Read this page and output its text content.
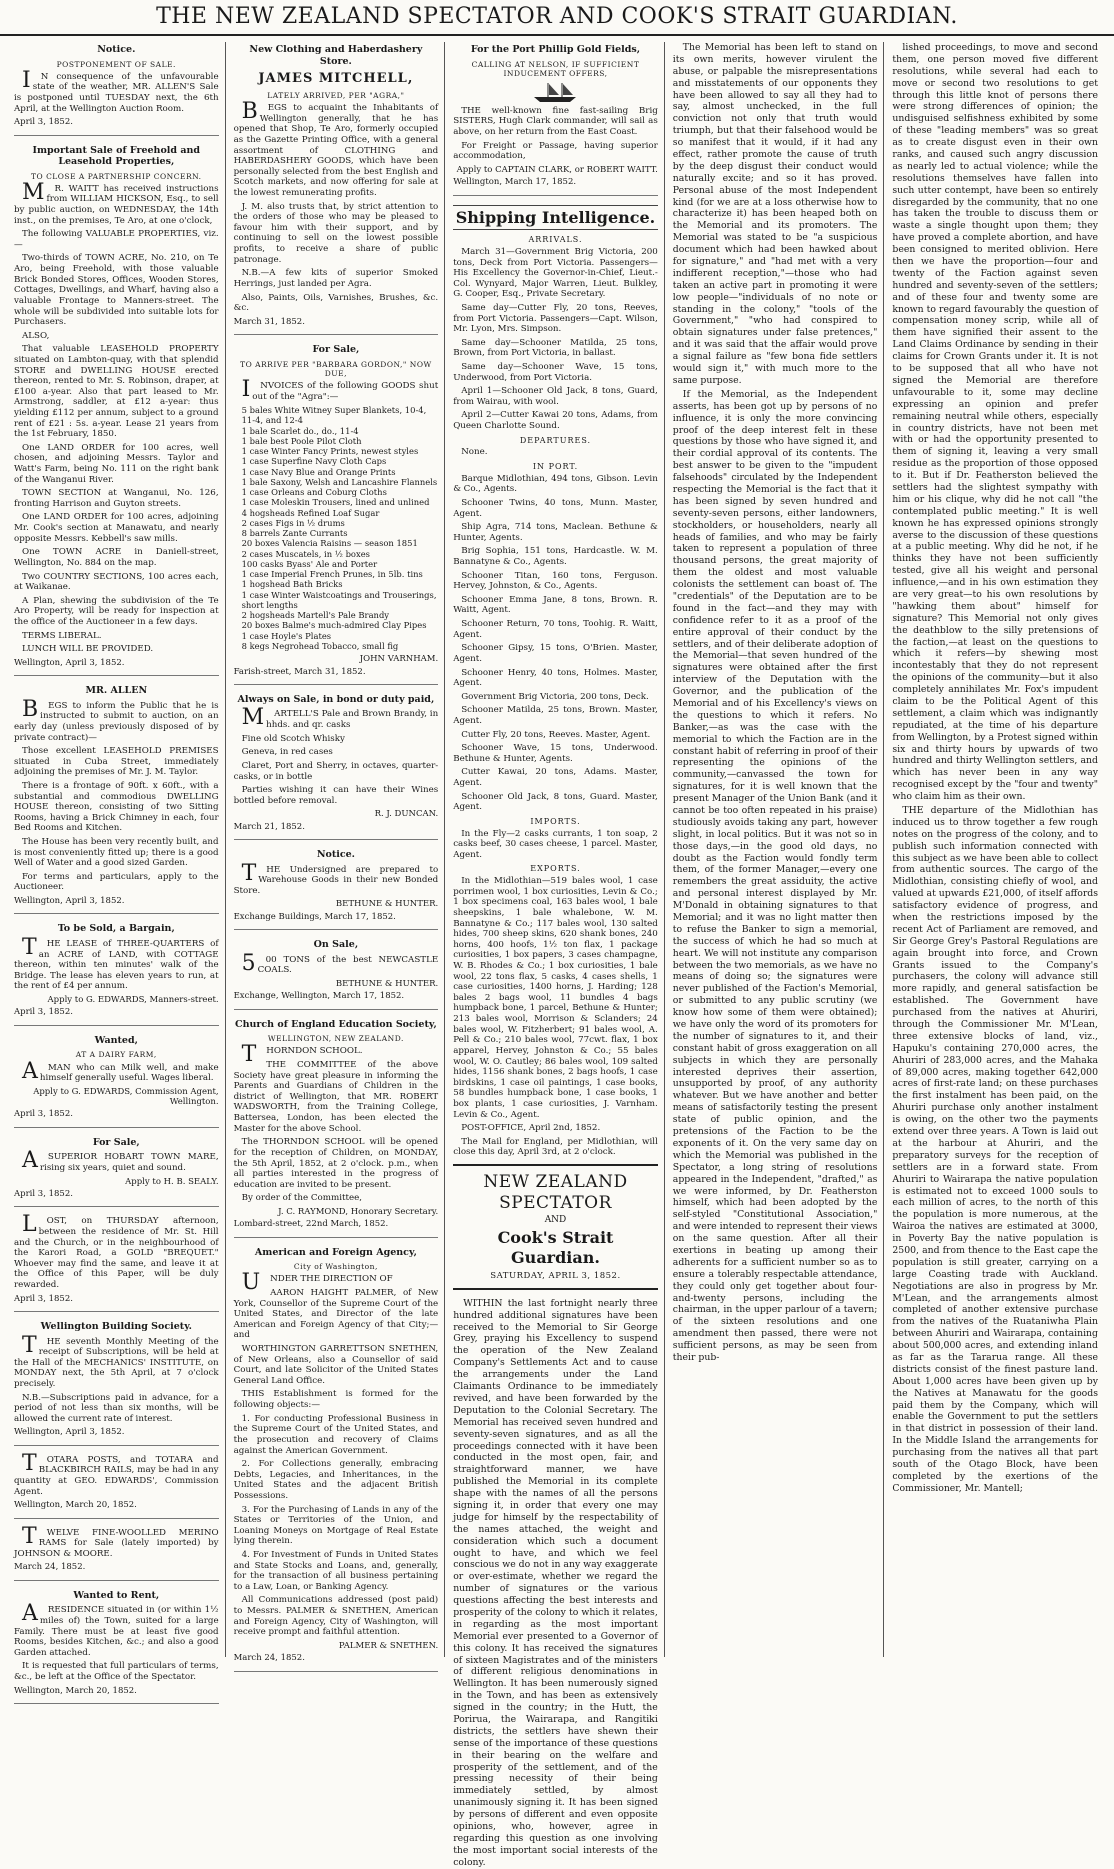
THE NEW ZEALAND SPECTATOR AND COOK'S STRAIT GUARDIAN.
Notice.
POSTPONEMENT OF SALE.

IN consequence of the unfavourable state of the weather, MR. ALLEN'S Sale is postponed until TUESDAY next, the 6th April, at the Wellington Auction Room.

April 3, 1852.
Important Sale of Freehold and Leasehold Properties,
TO CLOSE A PARTNERSHIP CONCERN.

MR. WAITT has received instructions from WILLIAM HICKSON, Esq., to sell by public auction, on WEDNESDAY, the 14th inst., on the premises, Te Aro, at one o'clock,

The following VALUABLE PROPERTIES, viz.—

Two-thirds of TOWN ACRE, No. 210, on Te Aro, being Freehold, with those valuable Brick Bonded Stores, Offices, Wooden Stores, Cottages, Dwellings, and Wharf, having also a valuable Frontage to Manners-street. The whole will be subdivided into suitable lots for Purchasers.

ALSO,

That valuable LEASEHOLD PROPERTY situated on Lambton-quay, with that splendid STORE and DWELLING HOUSE erected thereon, rented to Mr. S. Robinson, draper, at £100 a-year. Also that part leased to Mr. Armstrong, saddler, at £12 a-year: thus yielding £112 per annum, subject to a ground rent of £21 : 5s. a-year. Lease 21 years from the 1st February, 1850.

One LAND ORDER for 100 acres, well chosen, and adjoining Messrs. Taylor and Watt's Farm, being No. 111 on the right bank of the Wanganui River.

TOWN SECTION at Wanganui, No. 126, fronting Harrison and Guyton streets.

One LAND ORDER for 100 acres, adjoining Mr. Cook's section at Manawatu, and nearly opposite Messrs. Kebbell's saw mills.

One TOWN ACRE in Daniell-street, Wellington, No. 884 on the map.

Two COUNTRY SECTIONS, 100 acres each, at Waikanae.

A Plan, shewing the subdivision of the Te Aro Property, will be ready for inspection at the office of the Auctioneer in a few days.

TERMS LIBERAL.

LUNCH WILL BE PROVIDED.

Wellington, April 3, 1852.
MR. ALLEN

BEGS to inform the Public that he is instructed to submit to auction, on an early day (unless previously disposed of by private contract)—

Those excellent LEASEHOLD PREMISES situated in Cuba Street, immediately adjoining the premises of Mr. J. M. Taylor.

There is a frontage of 90ft. x 60ft., with a substantial and commodious DWELLING HOUSE thereon, consisting of two Sitting Rooms, having a Brick Chimney in each, four Bed Rooms and Kitchen.

The House has been very recently built, and is most conveniently fitted up; there is a good Well of Water and a good sized Garden.

For terms and particulars, apply to the Auctioneer.

Wellington, April 3, 1852.
To be Sold, a Bargain,

THE LEASE of THREE-QUARTERS of an ACRE of LAND, with COTTAGE thereon, within ten minutes' walk of the Bridge. The lease has eleven years to run, at the rent of £4 per annum.

Apply to G. EDWARDS, Manners-street.
April 3, 1852.
Wanted,
AT A DAIRY FARM,

AMAN who can Milk well, and make himself generally useful. Wages liberal.

Apply to G. EDWARDS, Commission Agent, Wellington.
April 3, 1852.
For Sale,

ASUPERIOR HOBART TOWN MARE, rising six years, quiet and sound.

Apply to H. B. SEALY.
April 3, 1852.

LOST, on THURSDAY afternoon, between the residence of Mr. St. Hill and the Church, or in the neighbourhood of the Karori Road, a GOLD "BREQUET." Whoever may find the same, and leave it at the Office of this Paper, will be duly rewarded.

April 3, 1852.
Wellington Building Society.

THE seventh Monthly Meeting of the receipt of Subscriptions, will be held at the Hall of the MECHANICS' INSTITUTE, on MONDAY next, the 5th April, at 7 o'clock precisely.

N.B.—Subscriptions paid in advance, for a period of not less than six months, will be allowed the current rate of interest.

Wellington, April 3, 1852.

TOTARA POSTS, and TOTARA and BLACKBIRCH RAILS, may be had in any quantity at GEO. EDWARDS', Commission Agent.

Wellington, March 20, 1852.

TWELVE FINE-WOOLLED MERINO RAMS for Sale (lately imported) by JOHNSON & MOORE.

March 24, 1852.
Wanted to Rent,

ARESIDENCE situated in (or within 1½ miles of) the Town, suited for a large Family. There must be at least five good Rooms, besides Kitchen, &c.; and also a good Garden attached.

It is requested that full particulars of terms, &c., be left at the Office of the Spectator.

Wellington, March 20, 1852.
New Clothing and Haberdashery Store.
JAMES MITCHELL,
LATELY ARRIVED, PER "AGRA,"

BEGS to acquaint the Inhabitants of Wellington generally, that he has opened that Shop, Te Aro, formerly occupied as the Gazette Printing Office, with a general assortment of CLOTHING and HABERDASHERY GOODS, which have been personally selected from the best English and Scotch markets, and now offering for sale at the lowest remunerating profits.

J. M. also trusts that, by strict attention to the orders of those who may be pleased to favour him with their support, and by continuing to sell on the lowest possible profits, to receive a share of public patronage.

N.B.—A few kits of superior Smoked Herrings, just landed per Agra.

Also, Paints, Oils, Varnishes, Brushes, &c. &c.

March 31, 1852.
For Sale,
TO ARRIVE PER "BARBARA GORDON," NOW DUE,

INVOICES of the following GOODS shut out of the "Agra":—

5 bales White Witney Super Blankets, 10-4, 11-4, and 12-4
1 bale Scarlet do., do., 11-4
1 bale best Poole Pilot Cloth
1 case Winter Fancy Prints, newest styles
1 case Superfine Navy Cloth Caps
1 case Navy Blue and Orange Prints
1 bale Saxony, Welsh and Lancashire Flannels
1 case Orleans and Coburg Cloths
1 case Moleskin Trousers, lined and unlined
4 hogsheads Refined Loaf Sugar
2 cases Figs in ½ drums
8 barrels Zante Currants
20 boxes Valencia Raisins — season 1851
2 cases Muscatels, in ½ boxes
100 casks Byass' Ale and Porter
1 case Imperial French Prunes, in 5lb. tins
1 hogshead Bath Bricks
1 case Winter Waistcoatings and Trouserings, short lengths
2 hogsheads Martell's Pale Brandy
20 boxes Balme's much-admired Clay Pipes
1 case Hoyle's Plates
8 kegs Negrohead Tobacco, small fig
JOHN VARNHAM.
Farish-street, March 31, 1852.
Always on Sale, in bond or duty paid,

MARTELL'S Pale and Brown Brandy, in hhds. and qr. casks

Fine old Scotch Whisky

Geneva, in red cases

Claret, Port and Sherry, in octaves, quarter-casks, or in bottle

Parties wishing it can have their Wines bottled before removal.

R. J. DUNCAN.
March 21, 1852.
Notice.

THE Undersigned are prepared to Warehouse Goods in their new Bonded Store.

BETHUNE & HUNTER.
Exchange Buildings, March 17, 1852.
On Sale,

500 TONS of the best NEWCASTLE COALS.

BETHUNE & HUNTER.
Exchange, Wellington, March 17, 1852.
Church of England Education Society,
WELLINGTON, NEW ZEALAND.

THORNDON SCHOOL.

THE COMMITTEE of the above Society have great pleasure in informing the Parents and Guardians of Children in the district of Wellington, that MR. ROBERT WADSWORTH, from the Training College, Battersea, London, has been elected the Master for the above School.

The THORNDON SCHOOL will be opened for the reception of Children, on MONDAY, the 5th April, 1852, at 2 o'clock. p.m., when all parties interested in the progress of education are invited to be present.

By order of the Committee,

J. C. RAYMOND, Honorary Secretary.
Lombard-street, 22nd March, 1852.
American and Foreign Agency,
City of Washington,

UNDER THE DIRECTION OF

AARON HAIGHT PALMER, of New York, Counsellor of the Supreme Court of the United States, and Director of the late American and Foreign Agency of that City;—and

WORTHINGTON GARRETTSON SNETHEN, of New Orleans, also a Counsellor of said Court, and late Solicitor of the United States General Land Office.

THIS Establishment is formed for the following objects:—

1. For conducting Professional Business in the Supreme Court of the United States, and the prosecution and recovery of Claims against the American Government.

2. For Collections generally, embracing Debts, Legacies, and Inheritances, in the United States and the adjacent British Possessions.

3. For the Purchasing of Lands in any of the States or Territories of the Union, and Loaning Moneys on Mortgage of Real Estate lying therein.

4. For Investment of Funds in United States and State Stocks and Loans, and, generally, for the transaction of all business pertaining to a Law, Loan, or Banking Agency.

All Communications addressed (post paid) to Messrs. PALMER & SNETHEN, American and Foreign Agency, City of Washington, will receive prompt and faithful attention.

PALMER & SNETHEN.
March 24, 1852.
For the Port Phillip Gold Fields,
CALLING AT NELSON, IF SUFFICIENT INDUCEMENT OFFERS,

THE well-known fine fast-sailing Brig SISTERS, Hugh Clark commander, will sail as above, on her return from the East Coast.

For Freight or Passage, having superior accommodation,

Apply to CAPTAIN CLARK, or ROBERT WAITT.
Wellington, March 17, 1852.
Shipping Intelligence.
ARRIVALS.

March 31—Government Brig Victoria, 200 tons, Deck from Port Victoria. Passengers—His Excellency the Governor-in-Chief, Lieut.-Col. Wynyard, Major Warren, Lieut. Bulkley, G. Cooper, Esq., Private Secretary.

Same day—Cutter Fly, 20 tons, Reeves, from Port Victoria. Passengers—Capt. Wilson, Mr. Lyon, Mrs. Simpson.

Same day—Schooner Matilda, 25 tons, Brown, from Port Victoria, in ballast.

Same day—Schooner Wave, 15 tons, Underwood, from Port Victoria.

April 1—Schooner Old Jack, 8 tons, Guard, from Wairau, with wool.

April 2—Cutter Kawai 20 tons, Adams, from Queen Charlotte Sound.

DEPARTURES.

None.

IN PORT.

Barque Midlothian, 494 tons, Gibson. Levin & Co., Agents.

Schooner Twins, 40 tons, Munn. Master, Agent.

Ship Agra, 714 tons, Maclean. Bethune & Hunter, Agents.

Brig Sophia, 151 tons, Hardcastle. W. M. Bannatyne & Co., Agents.

Schooner Titan, 160 tons, Ferguson. Hervey, Johnston, & Co., Agents.

Schooner Emma Jane, 8 tons, Brown. R. Waitt, Agent.

Schooner Return, 70 tons, Toohig. R. Waitt, Agent.

Schooner Gipsy, 15 tons, O'Brien. Master, Agent.

Schooner Henry, 40 tons, Holmes. Master, Agent.

Government Brig Victoria, 200 tons, Deck.

Schooner Matilda, 25 tons, Brown. Master, Agent.

Cutter Fly, 20 tons, Reeves. Master, Agent.

Schooner Wave, 15 tons, Underwood. Bethune & Hunter, Agents.

Cutter Kawai, 20 tons, Adams. Master, Agent.

Schooner Old Jack, 8 tons, Guard. Master, Agent.

IMPORTS.

In the Fly—2 casks currants, 1 ton soap, 2 casks beef, 30 cases cheese, 1 parcel. Master, Agent.

EXPORTS.

In the Midlothian—519 bales wool, 1 case porrimen wool, 1 box curiosities, Levin & Co.; 1 box specimens coal, 163 bales wool, 1 bale sheepskins, 1 bale whalebone, W. M. Bannatyne & Co.; 117 bales wool, 130 salted hides, 700 sheep skins, 620 shank bones, 240 horns, 400 hoofs, 1½ ton flax, 1 package curiosities, 1 box papers, 3 cases champagne, W. B. Rhodes & Co.; 1 box curiosities, 1 bale wool, 22 tons flax, 5 casks, 4 cases shells, 1 case curiosities, 1400 horns, J. Harding; 128 bales 2 bags wool, 11 bundles 4 bags humpback bone, 1 parcel, Bethune & Hunter; 213 bales wool, Morrison & Sclanders; 24 bales wool, W. Fitzherbert; 91 bales wool, A. Pell & Co.; 210 bales wool, 77cwt. flax, 1 box apparel, Hervey, Johnston & Co.; 55 bales wool, W. O. Cautley; 86 bales wool, 109 salted hides, 1156 shank bones, 2 bags hoofs, 1 case birdskins, 1 case oil paintings, 1 case books, 58 bundles humpback bone, 1 case books, 1 box plants, 1 case curiosities, J. Varnham. Levin & Co., Agent.

POST-OFFICE, April 2nd, 1852.

The Mail for England, per Midlothian, will close this day, April 3rd, at 2 o'clock.

NEW ZEALAND SPECTATOR
AND
Cook's Strait Guardian.
SATURDAY, APRIL 3, 1852.

WITHIN the last fortnight nearly three hundred additional signatures have been received to the Memorial to Sir George Grey, praying his Excellency to suspend the operation of the New Zealand Company's Settlements Act and to cause the arrangements under the Land Claimants Ordinance to be immediately revived, and have been forwarded by the Deputation to the Colonial Secretary. The Memorial has received seven hundred and seventy-seven signatures, and as all the proceedings connected with it have been conducted in the most open, fair, and straightforward manner, we have published the Memorial in its complete shape with the names of all the persons signing it, in order that every one may judge for himself by the respectability of the names attached, the weight and consideration which such a document ought to have, and which we feel conscious we do not in any way exaggerate or over-estimate, whether we regard the number of signatures or the various questions affecting the best interests and prosperity of the colony to which it relates, in regarding as the most important Memorial ever presented to a Governor of this colony. It has received the signatures of sixteen Magistrates and of the ministers of different religious denominations in Wellington. It has been numerously signed in the Town, and has been as extensively signed in the country; in the Hutt, the Porirua, the Wairarapa, and Rangitiki districts, the settlers have shewn their sense of the importance of these questions in their bearing on the welfare and prosperity of the settlement, and of the pressing necessity of their being immediately settled, by almost unanimously signing it. It has been signed by persons of different and even opposite opinions, who, however, agree in regarding this question as one involving the most important social interests of the colony.

The Memorial has been left to stand on its own merits, however virulent the abuse, or palpable the misrepresentations and misstatements of our opponents they have been allowed to say all they had to say, almost unchecked, in the full conviction not only that truth would triumph, but that their falsehood would be so manifest that it would, if it had any effect, rather promote the cause of truth by the deep disgust their conduct would naturally excite; and so it has proved. Personal abuse of the most Independent kind (for we are at a loss otherwise how to characterize it) has been heaped both on the Memorial and its promoters. The Memorial was stated to be "a suspicious document which had been hawked about for signature," and "had met with a very indifferent reception,"—those who had taken an active part in promoting it were low people—"individuals of no note or standing in the colony," "tools of the Government," "who had conspired to obtain signatures under false pretences," and it was said that the affair would prove a signal failure as "few bona fide settlers would sign it," with much more to the same purpose.

If the Memorial, as the Independent asserts, has been got up by persons of no influence, it is only the more convincing proof of the deep interest felt in these questions by those who have signed it, and their cordial approval of its contents. The best answer to be given to the "impudent falsehoods" circulated by the Independent respecting the Memorial is the fact that it has been signed by seven hundred and seventy-seven persons, either landowners, stockholders, or householders, nearly all heads of families, and who may be fairly taken to represent a population of three thousand persons, the great majority of them the oldest and most valuable colonists the settlement can boast of. The "credentials" of the Deputation are to be found in the fact—and they may with confidence refer to it as a proof of the entire approval of their conduct by the settlers, and of their deliberate adoption of the Memorial—that seven hundred of the signatures were obtained after the first interview of the Deputation with the Governor, and the publication of the Memorial and of his Excellency's views on the questions to which it refers. No Banker,—as was the case with the memorial to which the Faction are in the constant habit of referring in proof of their representing the opinions of the community,—canvassed the town for signatures, for it is well known that the present Manager of the Union Bank (and it cannot be too often repeated in his praise) studiously avoids taking any part, however slight, in local politics. But it was not so in those days,—in the good old days, no doubt as the Faction would fondly term them, of the former Manager,—every one remembers the great assiduity, the active and personal interest displayed by Mr. M'Donald in obtaining signatures to that Memorial; and it was no light matter then to refuse the Banker to sign a memorial, the success of which he had so much at heart. We will not institute any comparison between the two memorials, as we have no means of doing so; the signatures were never published of the Faction's Memorial, or submitted to any public scrutiny (we know how some of them were obtained); we have only the word of its promoters for the number of signatures to it, and their constant habit of gross exaggeration on all subjects in which they are personally interested deprives their assertion, unsupported by proof, of any authority whatever. But we have another and better means of satisfactorily testing the present state of public opinion, and the pretensions of the Faction to be the exponents of it. On the very same day on which the Memorial was published in the Spectator, a long string of resolutions appeared in the Independent, "drafted," as we were informed, by Dr. Featherston himself, which had been adopted by the self-styled "Constitutional Association," and were intended to represent their views on the same question. After all their exertions in beating up among their adherents for a sufficient number so as to ensure a tolerably respectable attendance, they could only get together about four-and-twenty persons, including the chairman, in the upper parlour of a tavern; of the sixteen resolutions and one amendment then passed, there were not sufficient persons, as may be seen from their pub-

lished proceedings, to move and second them, one person moved five different resolutions, while several had each to move or second two resolutions to get through this little knot of persons there were strong differences of opinion; the undisguised selfishness exhibited by some of these "leading members" was so great as to create disgust even in their own ranks, and caused such angry discussion as nearly led to actual violence; while the resolutions themselves have fallen into such utter contempt, have been so entirely disregarded by the community, that no one has taken the trouble to discuss them or waste a single thought upon them; they have proved a complete abortion, and have been consigned to merited oblivion. Here then we have the proportion—four and twenty of the Faction against seven hundred and seventy-seven of the settlers; and of these four and twenty some are known to regard favourably the question of compensation money scrip, while all of them have signified their assent to the Land Claims Ordinance by sending in their claims for Crown Grants under it. It is not to be supposed that all who have not signed the Memorial are therefore unfavourable to it, some may decline expressing an opinion and prefer remaining neutral while others, especially in country districts, have not been met with or had the opportunity presented to them of signing it, leaving a very small residue as the proportion of those opposed to it. But if Dr. Featherston believed the settlers had the slightest sympathy with him or his clique, why did he not call "the contemplated public meeting." It is well known he has expressed opinions strongly averse to the discussion of these questions at a public meeting. Why did he not, if he thinks they have not been sufficiently tested, give all his weight and personal influence,—and in his own estimation they are very great—to his own resolutions by "hawking them about" himself for signature? This Memorial not only gives the deathblow to the silly pretensions of the faction,—at least on the questions to which it refers—by shewing most incontestably that they do not represent the opinions of the community—but it also completely annihilates Mr. Fox's impudent claim to be the Political Agent of this settlement, a claim which was indignantly repudiated, at the time of his departure from Wellington, by a Protest signed within six and thirty hours by upwards of two hundred and thirty Wellington settlers, and which has never been in any way recognised except by the "four and twenty" who claim him as their own.

THE departure of the Midlothian has induced us to throw together a few rough notes on the progress of the colony, and to publish such information connected with this subject as we have been able to collect from authentic sources. The cargo of the Midlothian, consisting chiefly of wool, and valued at upwards £21,000, of itself affords satisfactory evidence of progress, and when the restrictions imposed by the recent Act of Parliament are removed, and Sir George Grey's Pastoral Regulations are again brought into force, and Crown Grants issued to the Company's purchasers, the colony will advance still more rapidly, and general satisfaction be established. The Government have purchased from the natives at Ahuriri, through the Commissioner Mr. M'Lean, three extensive blocks of land, viz., Hapuku's containing 270,000 acres, the Ahuriri of 283,000 acres, and the Mahaka of 89,000 acres, making together 642,000 acres of first-rate land; on these purchases the first instalment has been paid, on the Ahuriri purchase only another instalment is owing, on the other two the payments extend over three years. A Town is laid out at the harbour at Ahuriri, and the preparatory surveys for the reception of settlers are in a forward state. From Ahuriri to Wairarapa the native population is estimated not to exceed 1000 souls to each million of acres, to the north of this the population is more numerous, at the Wairoa the natives are estimated at 3000, in Poverty Bay the native population is 2500, and from thence to the East cape the population is still greater, carrying on a large Coasting trade with Auckland. Negotiations are also in progress by Mr. M'Lean, and the arrangements almost completed of another extensive purchase from the natives of the Ruataniwha Plain between Ahuriri and Wairarapa, containing about 500,000 acres, and extending inland as far as the Tararua range. All these districts consist of the finest pasture land. About 1,000 acres have been given up by the Natives at Manawatu for the goods paid them by the Company, which will enable the Government to put the settlers in that district in possession of their land. In the Middle Island the arrangements for purchasing from the natives all that part south of the Otago Block, have been completed by the exertions of the Commissioner, Mr. Mantell;
